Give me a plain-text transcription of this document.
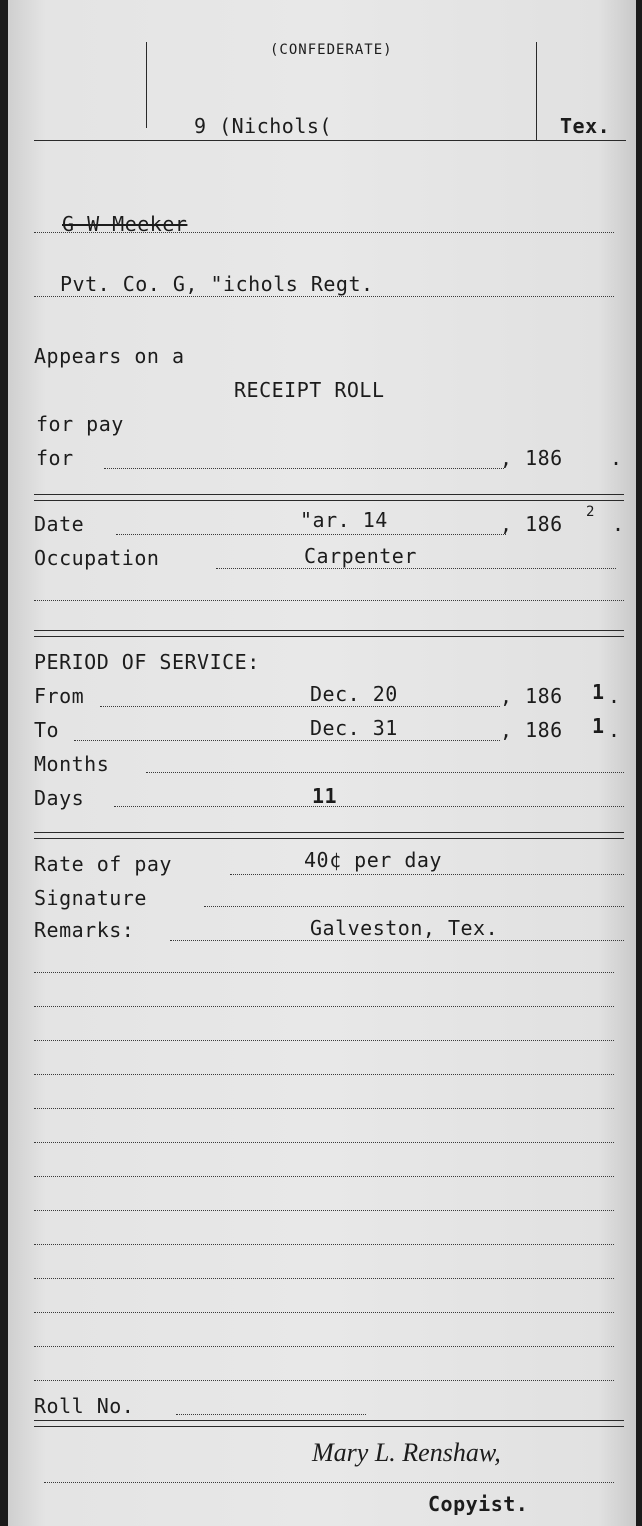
(CONFEDERATE)
9 (Nichols(	Tex.
G W Meeker
Pvt. Co. G, "ichols Regt.
Appears on a
RECEIPT ROLL
for pay
for	, 186 .
Date	"ar. 14	, 186 $^2$ .
Occupation	Carpenter
PERIOD OF SERVICE:
From	Dec. 20	, 186 1 .
To	Dec. 31	, 186 1 .
Months
Days	11
Rate of pay	40¢ per day
Signature
Remarks:	Galveston, Tex.
Roll No.
Mary L. Renshaw,
Copyist.
